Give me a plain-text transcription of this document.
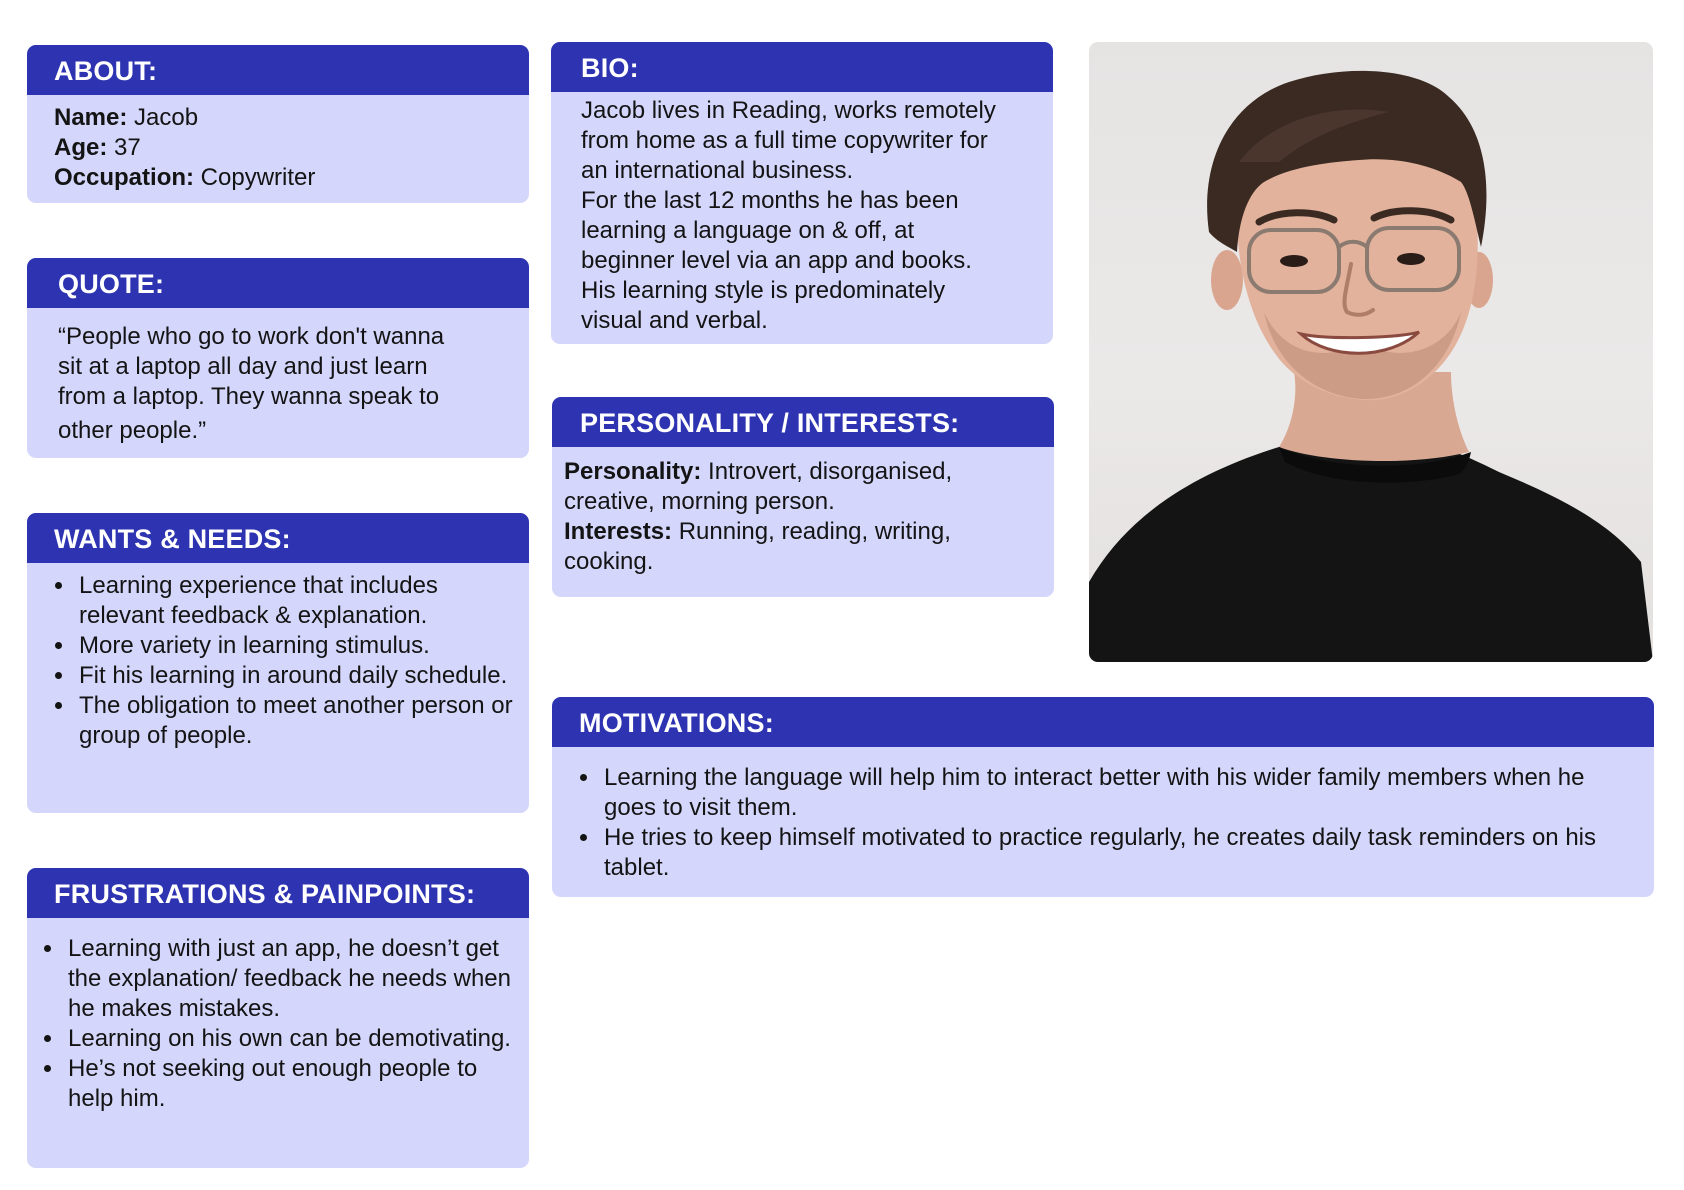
ABOUT:

Name: Jacob

Age: 37

Occupation: Copywriter

QUOTE:

“People who go to work don't wanna

sit at a laptop all day and just learn

from a laptop. They wanna speak to

other people.”

WANTS & NEEDS:
• Learning experience that includes relevant feedback & explanation.
• More variety in learning stimulus.
• Fit his learning in around daily schedule.
• The obligation to meet another person or group of people.
FRUSTRATIONS & PAINPOINTS:
• Learning with just an app, he doesn’t get the explanation/ feedback he needs when he makes mistakes.
• Learning on his own can be demotivating.
• He’s not seeking out enough people to help him.
BIO:

Jacob lives in Reading, works remotely

from home as a full time copywriter for

an international business.

For the last 12 months he has been

learning a language on & off, at

beginner level via an app and books.

His learning style is predominately

visual and verbal.

PERSONALITY / INTERESTS:

Personality: Introvert, disorganised, creative, morning person.

Interests: Running, reading, writing, cooking.

MOTIVATIONS:
• Learning the language will help him to interact better with his wider family members when he goes to visit them.
• He tries to keep himself motivated to practice regularly, he creates daily task reminders on his tablet.
